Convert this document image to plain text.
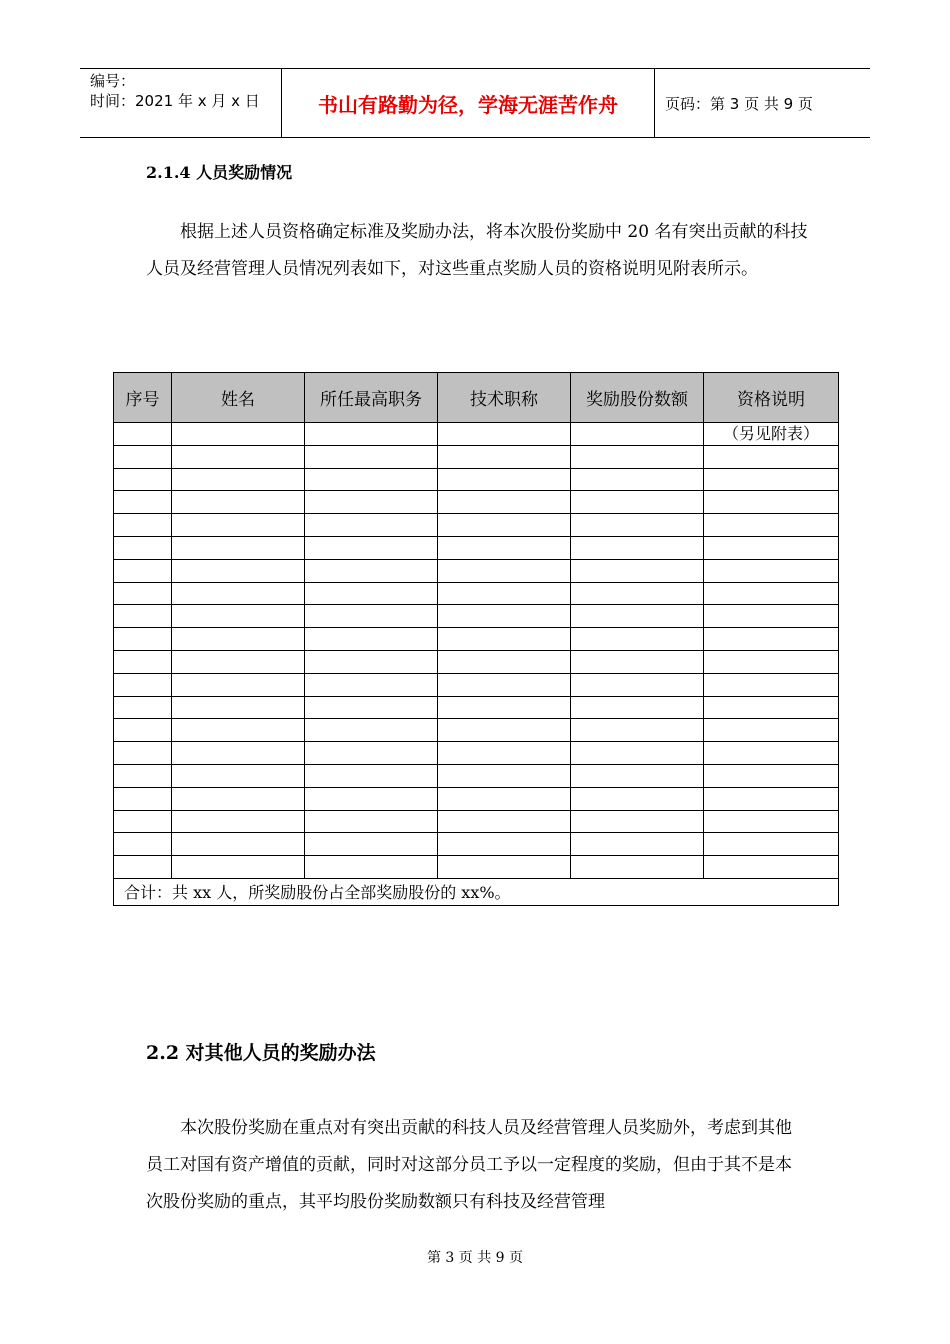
编号：
时间：2021 年 x 月 x 日	书山有路勤为径，学海无涯苦作舟	页码：第 3 页 共 9 页
2.1.4 人员奖励情况

根据上述人员资格确定标准及奖励办法，将本次股份奖励中 20 名有突出贡献的科技人员及经营管理人员情况列表如下，对这些重点奖励人员的资格说明见附表所示。

序号	姓名	所任最高职务	技术职称	奖励股份数额	资格说明
					（另见附表）

合计：共 xx 人，所奖励股份占全部奖励股份的 xx%。					
2.2 对其他人员的奖励办法

本次股份奖励在重点对有突出贡献的科技人员及经营管理人员奖励外，考虑到其他员工对国有资产增值的贡献，同时对这部分员工予以一定程度的奖励，但由于其不是本次股份奖励的重点，其平均股份奖励数额只有科技及经营管理

第 3 页 共 9 页
